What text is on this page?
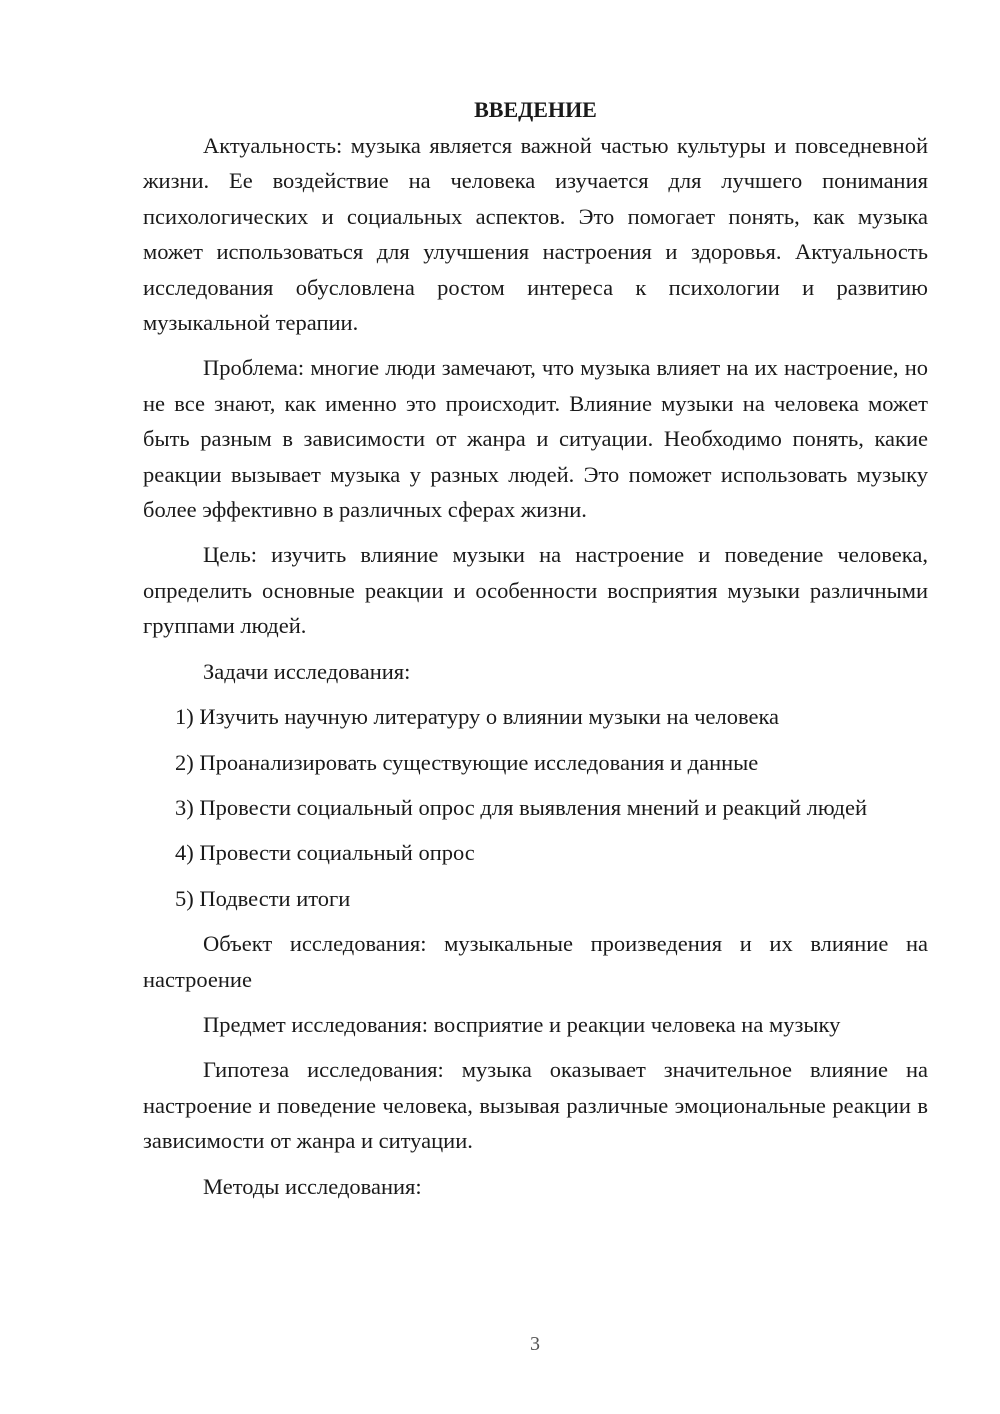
ВВЕДЕНИЕ

Актуальность: музыка является важной частью культуры и повседневной жизни. Ее воздействие на человека изучается для лучшего понимания психологических и социальных аспектов. Это помогает понять, как музыка может использоваться для улучшения настроения и здоровья. Актуальность исследования обусловлена ростом интереса к психологии и развитию музыкальной терапии.

Проблема: многие люди замечают, что музыка влияет на их настроение, но не все знают, как именно это происходит. Влияние музыки на человека может быть разным в зависимости от жанра и ситуации. Необходимо понять, какие реакции вызывает музыка у разных людей. Это поможет использовать музыку более эффективно в различных сферах жизни.

Цель: изучить влияние музыки на настроение и поведение человека, определить основные реакции и особенности восприятия музыки различными группами людей.

Задачи исследования:

1) Изучить научную литературу о влиянии музыки на человека

2) Проанализировать существующие исследования и данные

3) Провести социальный опрос для выявления мнений и реакций людей

4) Провести социальный опрос

5) Подвести итоги

Объект исследования: музыкальные произведения и их влияние на настроение

Предмет исследования: восприятие и реакции человека на музыку

Гипотеза исследования: музыка оказывает значительное влияние на настроение и поведение человека, вызывая различные эмоциональные реакции в зависимости от жанра и ситуации.

Методы исследования:

3
